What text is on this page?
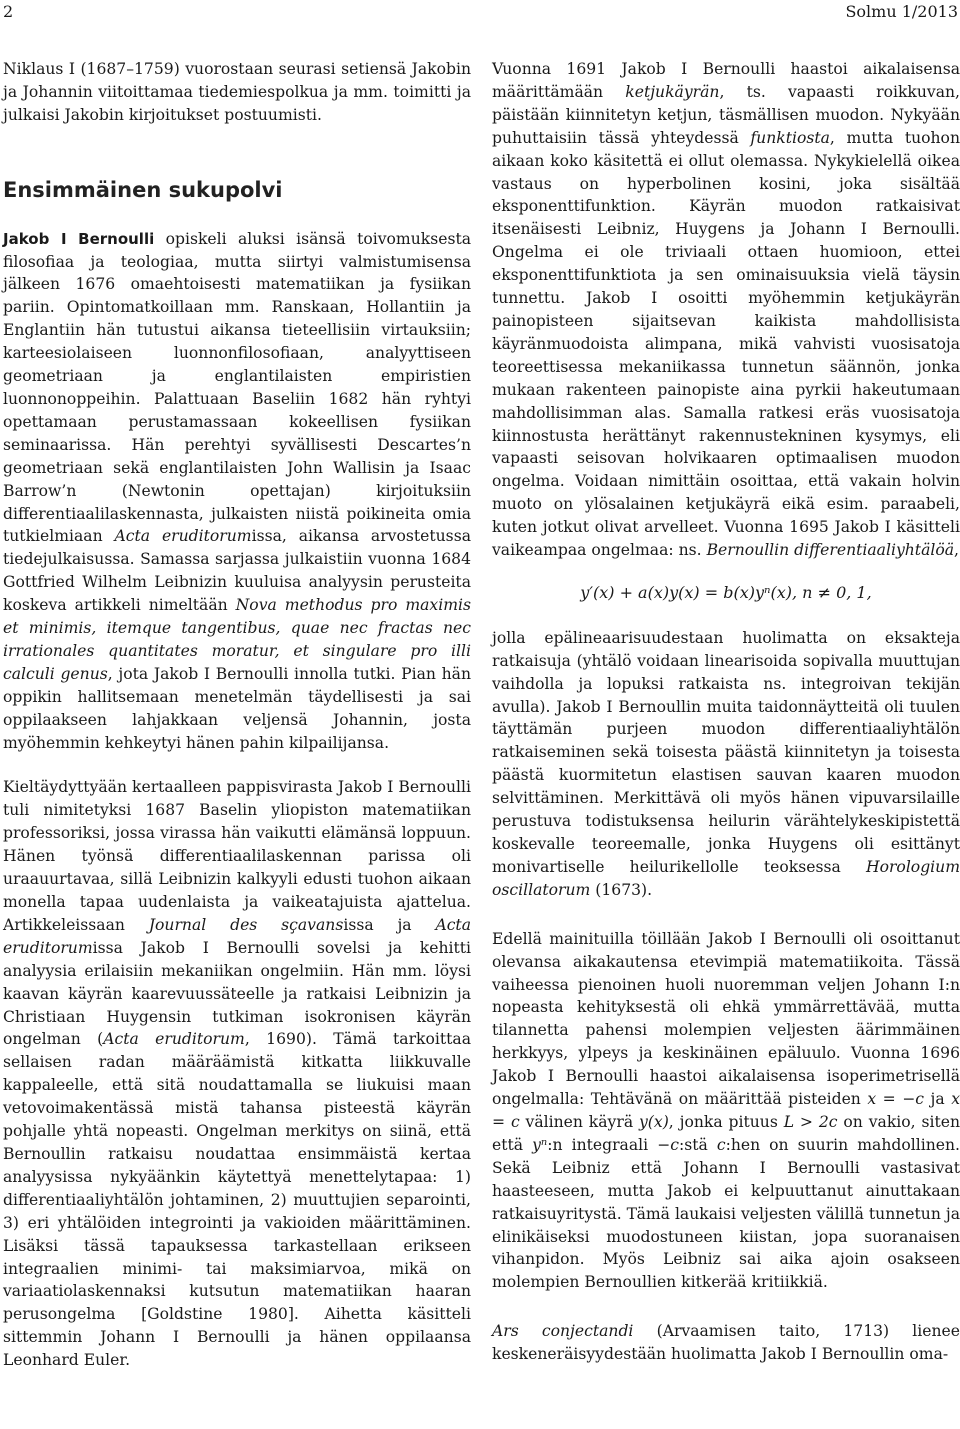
2	Solmu 1/2013

Niklaus I (1687–1759) vuorostaan seurasi setiensä Jakobin ja Johannin viitoittamaa tiedemiespolkua ja mm. toimitti ja julkaisi Jakobin kirjoitukset postuumisti.

Ensimmäinen sukupolvi

Jakob I Bernoulli opiskeli aluksi isänsä toivomuksesta filosofiaa ja teologiaa, mutta siirtyi valmistumisensa jälkeen 1676 omaehtoisesti matematiikan ja fysiikan pariin. Opintomatkoillaan mm. Ranskaan, Hollantiin ja Englantiin hän tutustui aikansa tieteellisiin virtauksiin; karteesiolaiseen luonnonfilosofiaan, analyyttiseen geometriaan ja englantilaisten empiristien luonnonoppeihin. Palattuaan Baseliin 1682 hän ryhtyi opettamaan perustamassaan kokeellisen fysiikan seminaarissa. Hän perehtyi syvällisesti Descartes’n geometriaan sekä englantilaisten John Wallisin ja Isaac Barrow’n (Newtonin opettajan) kirjoituksiin differentiaalilaskennasta, julkaisten niistä poikineita omia tutkielmiaan Acta eruditorumissa, aikansa arvostetussa tiedejulkaisussa. Samassa sarjassa julkaistiin vuonna 1684 Gottfried Wilhelm Leibnizin kuuluisa analyysin perusteita koskeva artikkeli nimeltään Nova methodus pro maximis et minimis, itemque tangentibus, quae nec fractas nec irrationales quantitates moratur, et singulare pro illi calculi genus, jota Jakob I Bernoulli innolla tutki. Pian hän oppikin hallitsemaan menetelmän täydellisesti ja sai oppilaakseen lahjakkaan veljensä Johannin, josta myöhemmin kehkeytyi hänen pahin kilpailijansa.

Kieltäydyttyään kertaalleen pappisvirasta Jakob I Bernoulli tuli nimitetyksi 1687 Baselin yliopiston matematiikan professoriksi, jossa virassa hän vaikutti elämänsä loppuun. Hänen työnsä differentiaalilaskennan parissa oli uraauurtavaa, sillä Leibnizin kalkyyli edusti tuohon aikaan monella tapaa uudenlaista ja vaikeatajuista ajattelua. Artikkeleissaan Journal des sçavansissa ja Acta eruditorumissa Jakob I Bernoulli sovelsi ja kehitti analyysia erilaisiin mekaniikan ongelmiin. Hän mm. löysi kaavan käyrän kaarevuussäteelle ja ratkaisi Leibnizin ja Christiaan Huygensin tutkiman isokronisen käyrän ongelman (Acta eruditorum, 1690). Tämä tarkoittaa sellaisen radan määräämistä kitkatta liikkuvalle kappaleelle, että sitä noudattamalla se liukuisi maan vetovoimakentässä mistä tahansa pisteestä käyrän pohjalle yhtä nopeasti. Ongelman merkitys on siinä, että Bernoullin ratkaisu noudattaa ensimmäistä kertaa analyysissa nykyäänkin käytettyä menettelytapaa: 1) differentiaaliyhtälön johtaminen, 2) muuttujien separointi, 3) eri yhtälöiden integrointi ja vakioiden määrittäminen. Lisäksi tässä tapauksessa tarkastellaan erikseen integraalien minimi- tai maksimiarvoa, mikä on variaatiolaskennaksi kutsutun matematiikan haaran perusongelma [Goldstine 1980]. Aihetta käsitteli sittemmin Johann I Bernoulli ja hänen oppilaansa Leonhard Euler.

Vuonna 1691 Jakob I Bernoulli haastoi aikalaisensa määrittämään ketjukäyrän, ts. vapaasti roikkuvan, päistään kiinnitetyn ketjun, täsmällisen muodon. Nykyään puhuttaisiin tässä yhteydessä funktiosta, mutta tuohon aikaan koko käsitettä ei ollut olemassa. Nykykielellä oikea vastaus on hyperbolinen kosini, joka sisältää eksponenttifunktion. Käyrän muodon ratkaisivat itsenäisesti Leibniz, Huygens ja Johann I Bernoulli. Ongelma ei ole triviaali ottaen huomioon, ettei eksponenttifunktiota ja sen ominaisuuksia vielä täysin tunnettu. Jakob I osoitti myöhemmin ketjukäyrän painopisteen sijaitsevan kaikista mahdollisista käyränmuodoista alimpana, mikä vahvisti vuosisatoja teoreettisessa mekaniikassa tunnetun säännön, jonka mukaan rakenteen painopiste aina pyrkii hakeutumaan mahdollisimman alas. Samalla ratkesi eräs vuosisatoja kiinnostusta herättänyt rakennustekninen kysymys, eli vapaasti seisovan holvikaaren optimaalisen muodon ongelma. Voidaan nimittäin osoittaa, että vakain holvin muoto on ylösalainen ketjukäyrä eikä esim. paraabeli, kuten jotkut olivat arvelleet. Vuonna 1695 Jakob I käsitteli vaikeampaa ongelmaa: ns. Bernoullin differentiaaliyhtälöä,

y′(x) + a(x)y(x) = b(x)yⁿ(x), n ≠ 0, 1,

jolla epälineaarisuudestaan huolimatta on eksakteja ratkaisuja (yhtälö voidaan linearisoida sopivalla muuttujan vaihdolla ja lopuksi ratkaista ns. integroivan tekijän avulla). Jakob I Bernoullin muita taidonnäytteitä oli tuulen täyttämän purjeen muodon differentiaaliyhtälön ratkaiseminen sekä toisesta päästä kiinnitetyn ja toisesta päästä kuormitetun elastisen sauvan kaaren muodon selvittäminen. Merkittävä oli myös hänen vipuvarsilaille perustuva todistuksensa heilurin värähtelykeskipistettä koskevalle teoreemalle, jonka Huygens oli esittänyt monivartiselle heilurikellolle teoksessa Horologium oscillatorum (1673).

Edellä mainituilla töillään Jakob I Bernoulli oli osoittanut olevansa aikakautensa etevimpiä matematiikoita. Tässä vaiheessa pienoinen huoli nuoremman veljen Johann I:n nopeasta kehityksestä oli ehkä ymmärrettävää, mutta tilannetta pahensi molempien veljesten äärimmäinen herkkyys, ylpeys ja keskinäinen epäluulo. Vuonna 1696 Jakob I Bernoulli haastoi aikalaisensa isoperimetrisellä ongelmalla: Tehtävänä on määrittää pisteiden x = −c ja x = c välinen käyrä y(x), jonka pituus L > 2c on vakio, siten että yⁿ:n integraali −c:stä c:hen on suurin mahdollinen. Sekä Leibniz että Johann I Bernoulli vastasivat haasteeseen, mutta Jakob ei kelpuuttanut ainuttakaan ratkaisuyritystä. Tämä laukaisi veljesten välillä tunnetun ja elinikäiseksi muodostuneen kiistan, jopa suoranaisen vihanpidon. Myös Leibniz sai aika ajoin osakseen molempien Bernoullien kitkerää kritiikkiä.

Ars conjectandi (Arvaamisen taito, 1713) lienee keskeneräisyydestään huolimatta Jakob I Bernoullin oma-
